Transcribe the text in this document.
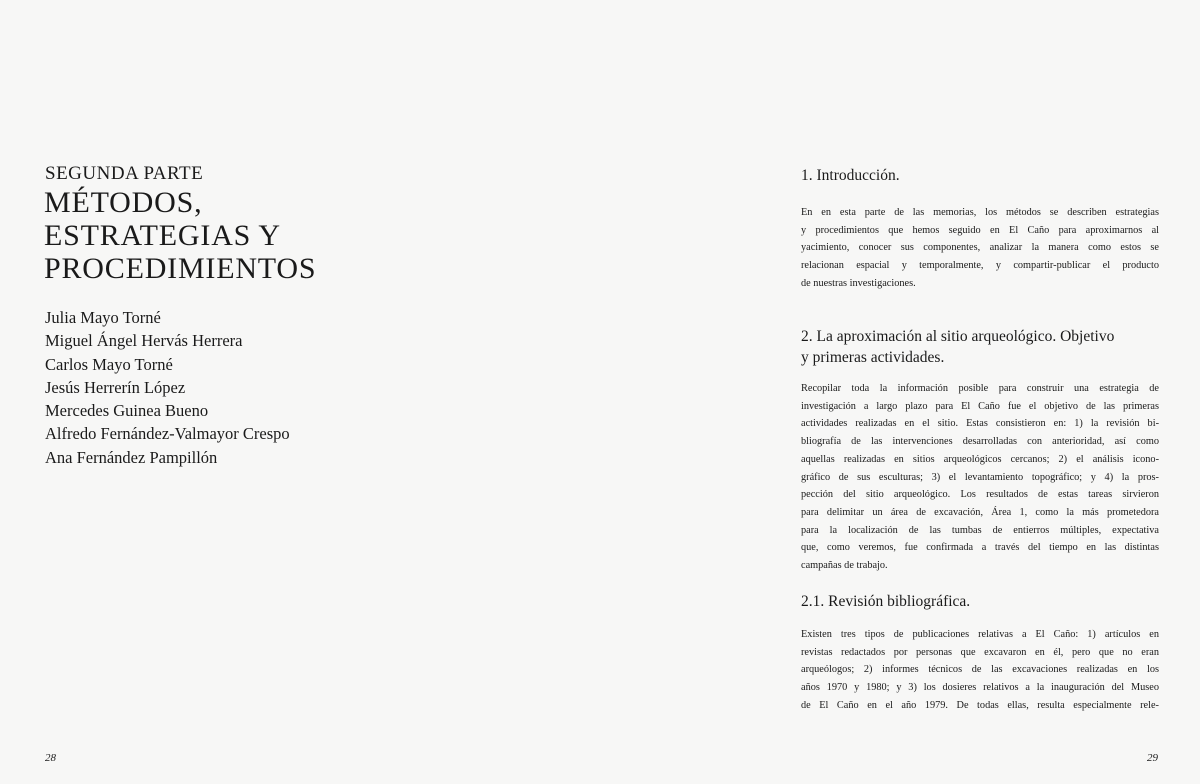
SEGUNDA PARTE

MÉTODOS,
ESTRATEGIAS Y
PROCEDIMIENTOS
Julia Mayo Torné
Miguel Ángel Hervás Herrera
Carlos Mayo Torné
Jesús Herrerín López
Mercedes Guinea Bueno
Alfredo Fernández-Valmayor Crespo
Ana Fernández Pampillón
28
1. Introducción.

En en esta parte de las memorias, los métodos se describen estrategias
y procedimientos que hemos seguido en El Caño para aproximarnos al
yacimiento, conocer sus componentes, analizar la manera como estos se
relacionan espacial y temporalmente, y compartir-publicar el producto
de nuestras investigaciones.

2. La aproximación al sitio arqueológico. Objetivo
y primeras actividades.

Recopilar toda la información posible para construir una estrategia de
investigación a largo plazo para El Caño fue el objetivo de las primeras
actividades realizadas en el sitio. Estas consistieron en: 1) la revisión bi-
bliografía de las intervenciones desarrolladas con anterioridad, así como
aquellas realizadas en sitios arqueológicos cercanos; 2) el análisis icono-
gráfico de sus esculturas; 3) el levantamiento topográfico; y 4) la pros-
pección del sitio arqueológico. Los resultados de estas tareas sirvieron
para delimitar un área de excavación, Área 1, como la más prometedora
para la localización de las tumbas de entierros múltiples, expectativa
que, como veremos, fue confirmada a través del tiempo en las distintas
campañas de trabajo.

2.1. Revisión bibliográfica.

Existen tres tipos de publicaciones relativas a El Caño: 1) artículos en
revistas redactados por personas que excavaron en él, pero que no eran
arqueólogos; 2) informes técnicos de las excavaciones realizadas en los
años 1970 y 1980; y 3) los dosieres relativos a la inauguración del Museo
de El Caño en el año 1979. De todas ellas, resulta especialmente rele-

29
